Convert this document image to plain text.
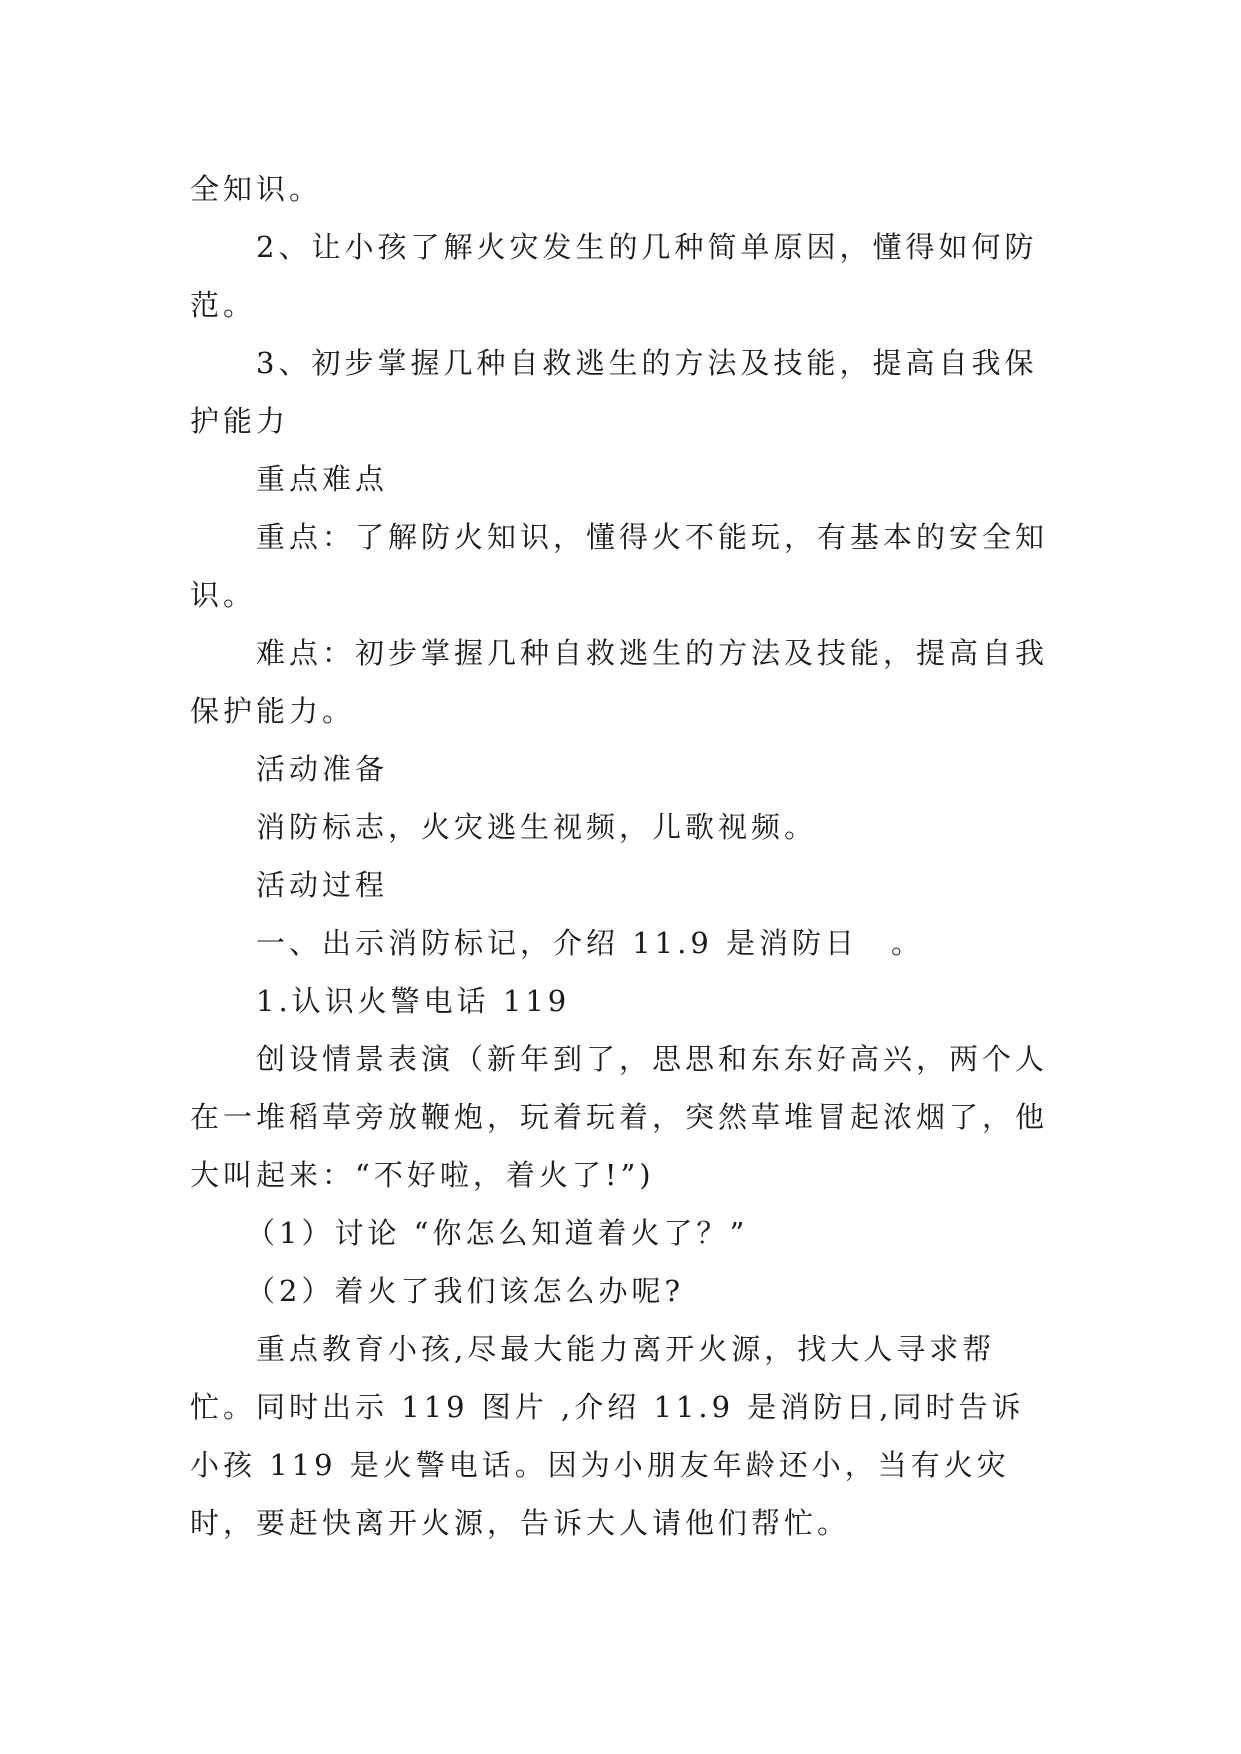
全知识。

2、让小孩了解火灾发生的几种简单原因，懂得如何防范。

3、初步掌握几种自救逃生的方法及技能，提高自我保护能力

重点难点

重点：了解防火知识，懂得火不能玩，有基本的安全知识。

难点：初步掌握几种自救逃生的方法及技能，提高自我保护能力。

活动准备

消防标志，火灾逃生视频，儿歌视频。

活动过程

一、出示消防标记，介绍 11.9 是消防日　。

1.认识火警电话 119

创设情景表演（新年到了，思思和东东好高兴，两个人在一堆稻草旁放鞭炮，玩着玩着，突然草堆冒起浓烟了，他大叫起来：“不好啦，着火了!”)

（1）讨论 “你怎么知道着火了？”

（2）着火了我们该怎么办呢?

重点教育小孩,尽最大能力离开火源，找大人寻求帮忙。同时出示 119 图片 ,介绍 11.9 是消防日,同时告诉小孩 119 是火警电话。因为小朋友年龄还小，当有火灾时，要赶快离开火源，告诉大人请他们帮忙。
